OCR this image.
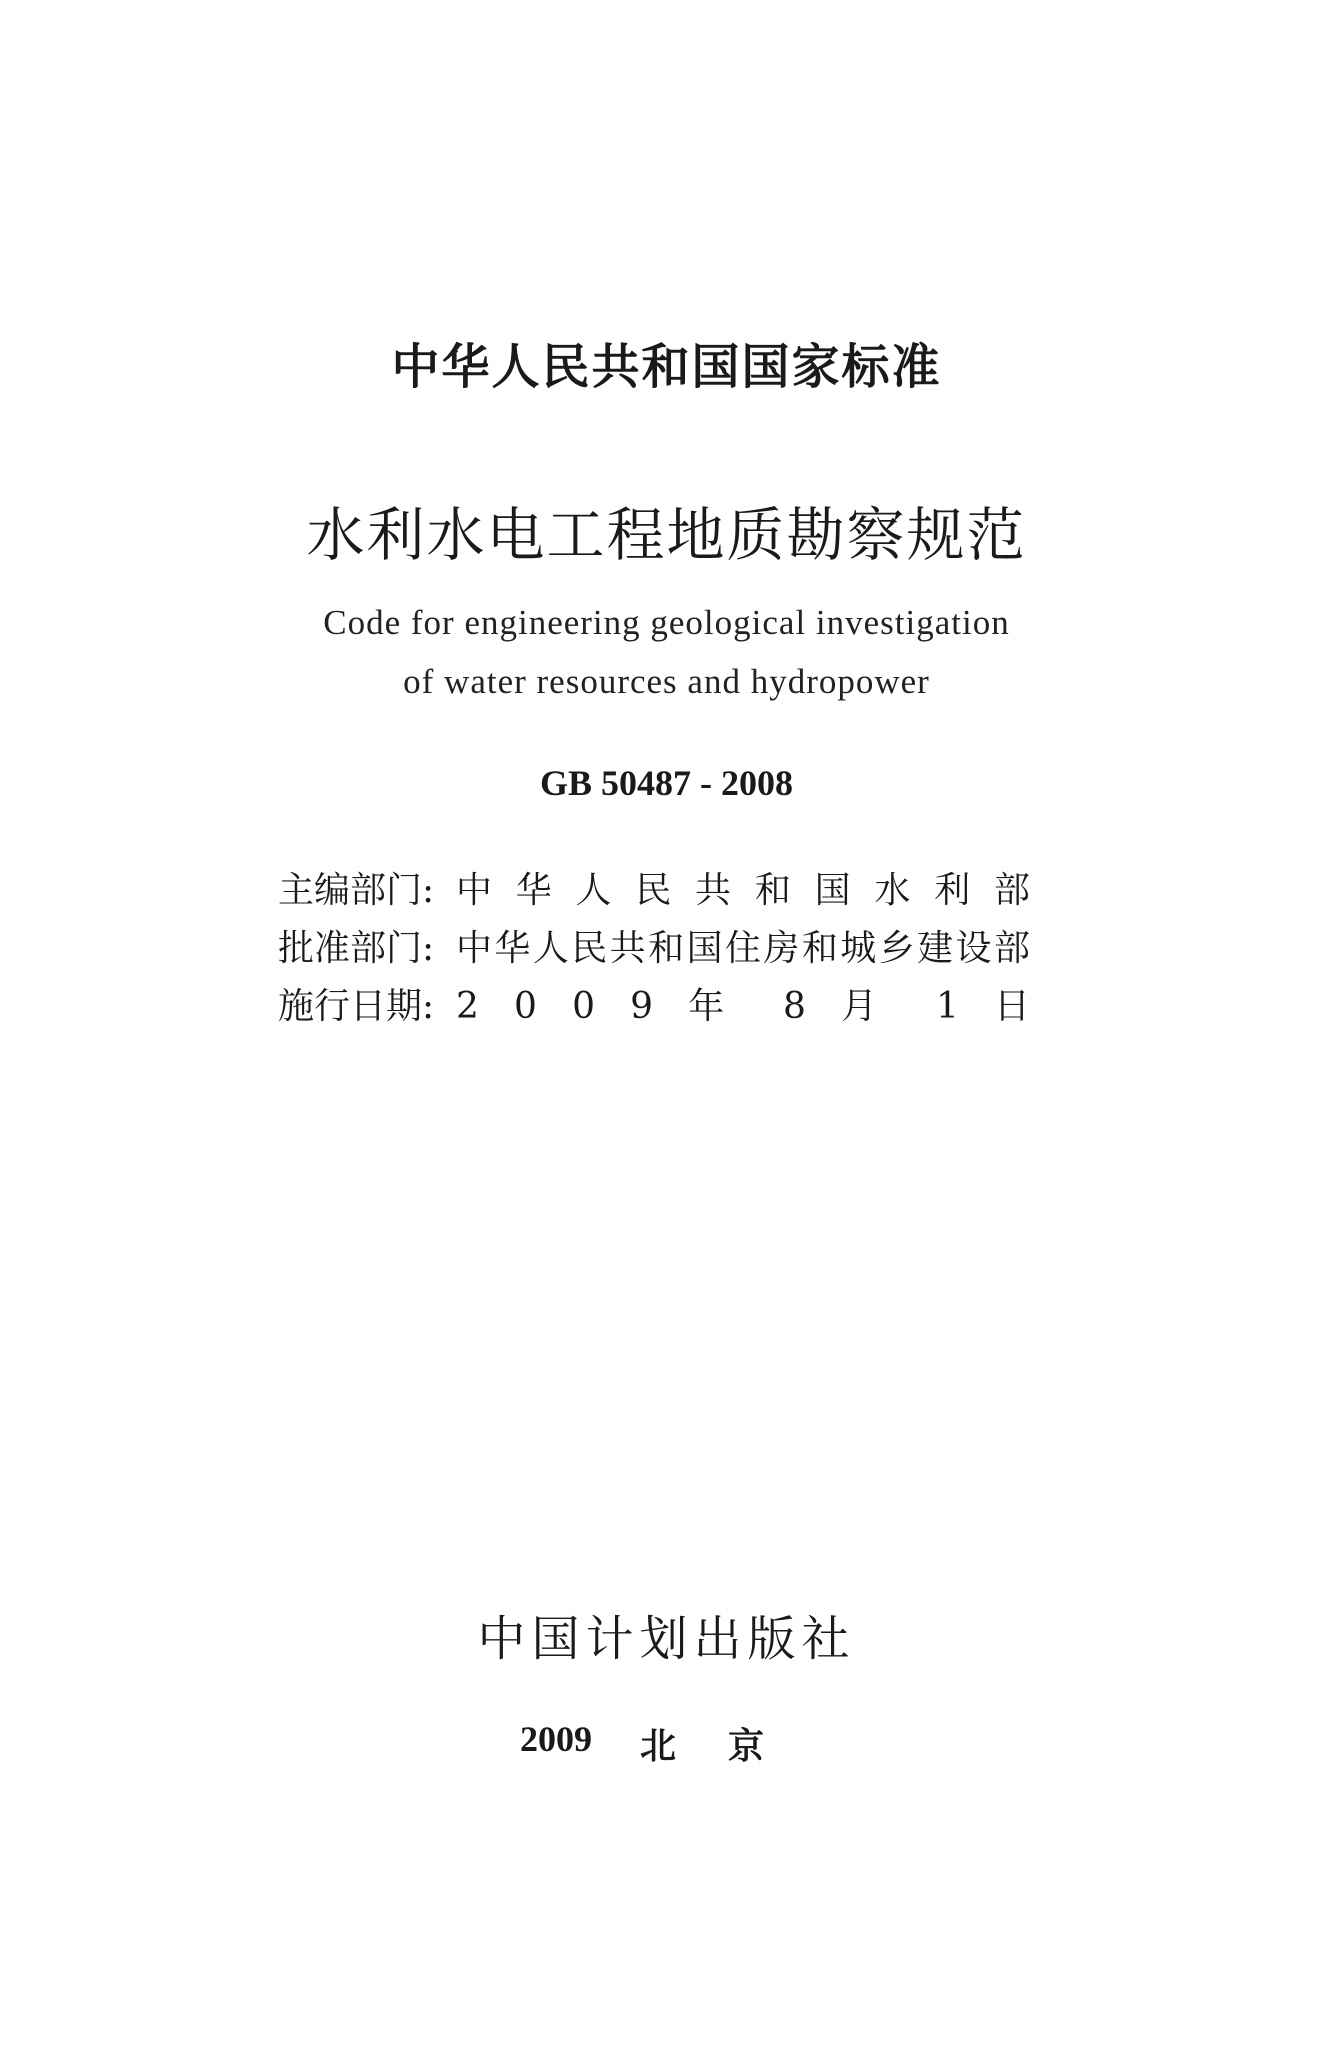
中华人民共和国国家标准
水利水电工程地质勘察规范
Code for engineering geological investigation
of water resources and hydropower
GB 50487 - 2008
主编部门: 中 华 人 民 共 和 国 水 利 部
批准部门: 中华人民共和国住房和城乡建设部
施行日期: 2 0 0 9 年 8 月 1 日
中国计划出版社
2009 北京
